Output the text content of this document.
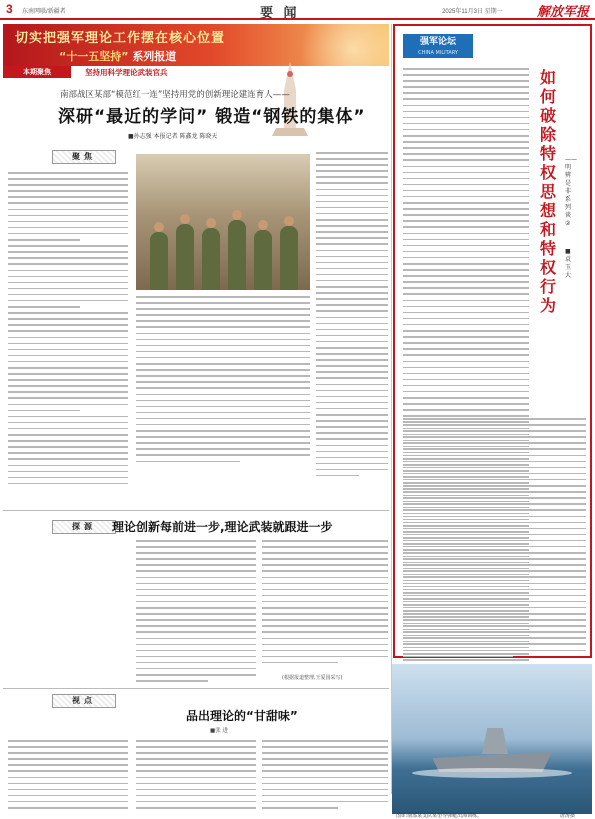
3 东南网联/新疆者	要 闻	2025年11月3日 星期一	解放军报
切实把强军理论工作摆在核心位置
“十一五坚持” 系列报道
本期聚焦	坚持用科学理论武装官兵
南部战区某部“模范红一连”坚持用党的创新理论建连育人——
深研“最近的学问” 锻造“钢铁的集体”
■孙志强 本报记者 陈鑫龙 陈晓天
聚焦
探源	理论创新每前进一步,理论武装就跟进一步
(根据报道整理,王爱国采写)
视点
品出理论的“甘甜味”
■张 进
强军论坛
CHINA MILITARY
如何破除特权思想和特权行为
——明辨是非系列谈②
■袁玉大
图②:南部某支队某型导弹艇出海训练。	唐涛摄
